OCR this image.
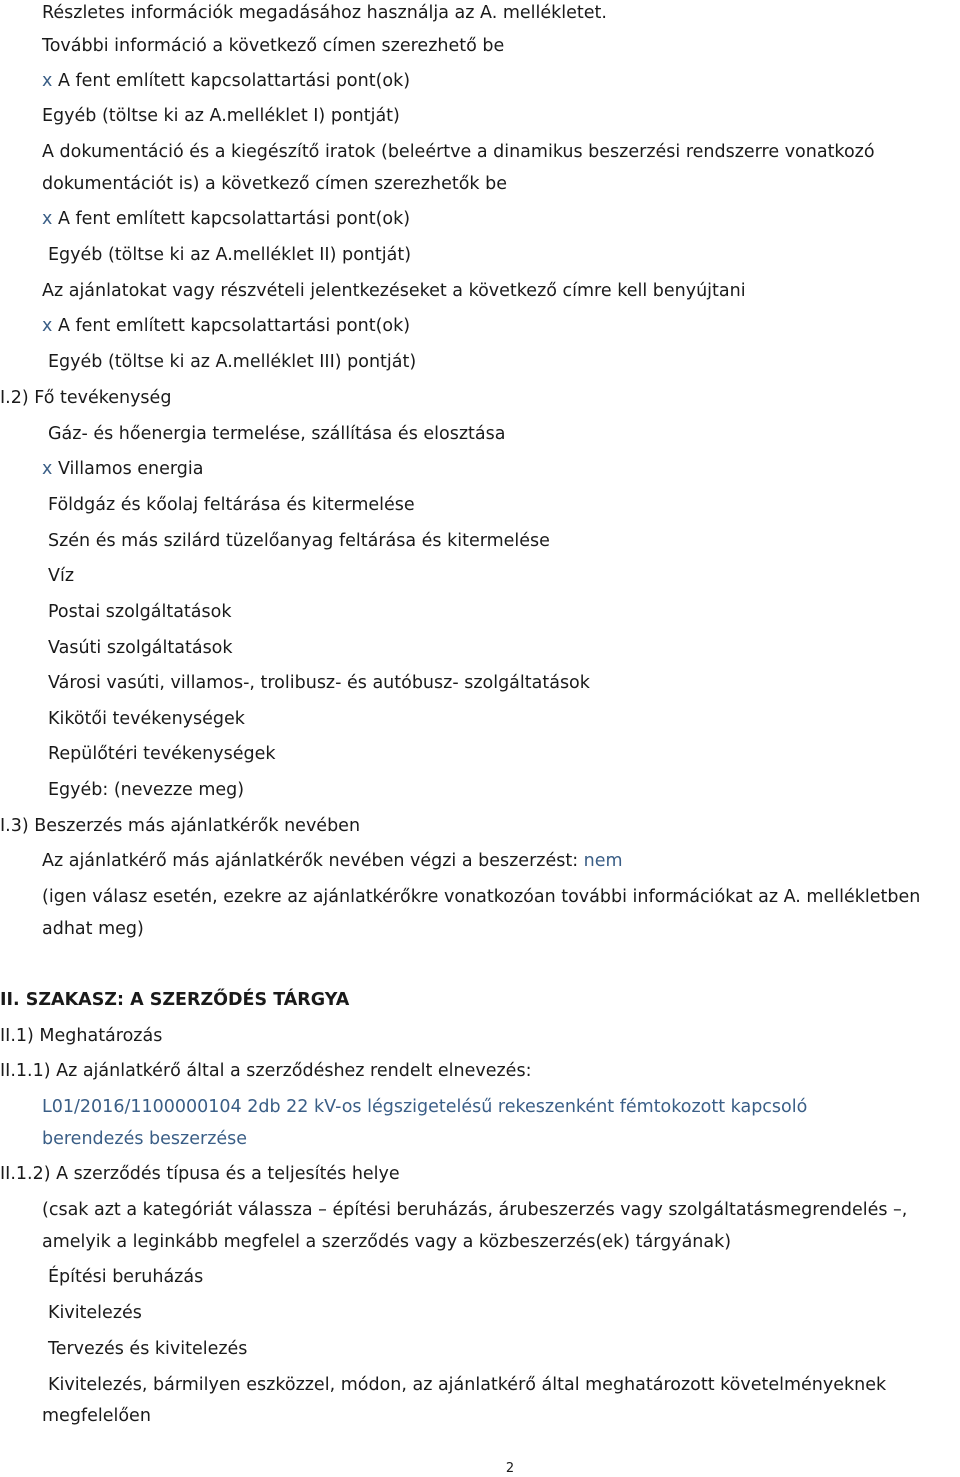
Részletes információk megadásához használja az A. mellékletet.
További információ a következő címen szerezhető be
x A fent említett kapcsolattartási pont(ok)
Egyéb (töltse ki az A.melléklet I) pontját)
A dokumentáció és a kiegészítő iratok (beleértve a dinamikus beszerzési rendszerre vonatkozó
dokumentációt is) a következő címen szerezhetők be
x A fent említett kapcsolattartási pont(ok)
Egyéb (töltse ki az A.melléklet II) pontját)
Az ajánlatokat vagy részvételi jelentkezéseket a következő címre kell benyújtani
x A fent említett kapcsolattartási pont(ok)
Egyéb (töltse ki az A.melléklet III) pontját)
I.2) Fő tevékenység
Gáz- és hőenergia termelése, szállítása és elosztása
x Villamos energia
Földgáz és kőolaj feltárása és kitermelése
Szén és más szilárd tüzelőanyag feltárása és kitermelése
Víz
Postai szolgáltatások
Vasúti szolgáltatások
Városi vasúti, villamos-, trolibusz- és autóbusz- szolgáltatások
Kikötői tevékenységek
Repülőtéri tevékenységek
Egyéb: (nevezze meg)
I.3) Beszerzés más ajánlatkérők nevében
Az ajánlatkérő más ajánlatkérők nevében végzi a beszerzést: nem
(igen válasz esetén, ezekre az ajánlatkérőkre vonatkozóan további információkat az A. mellékletben
adhat meg)
II. SZAKASZ: A SZERZŐDÉS TÁRGYA
II.1) Meghatározás
II.1.1) Az ajánlatkérő által a szerződéshez rendelt elnevezés:
L01/2016/1100000104 2db 22 kV-os légszigetelésű rekeszenként fémtokozott kapcsoló
berendezés beszerzése
II.1.2) A szerződés típusa és a teljesítés helye
(csak azt a kategóriát válassza – építési beruházás, árubeszerzés vagy szolgáltatásmegrendelés –,
amelyik a leginkább megfelel a szerződés vagy a közbeszerzés(ek) tárgyának)
Építési beruházás
Kivitelezés
Tervezés és kivitelezés
Kivitelezés, bármilyen eszközzel, módon, az ajánlatkérő által meghatározott követelményeknek
megfelelően
2
